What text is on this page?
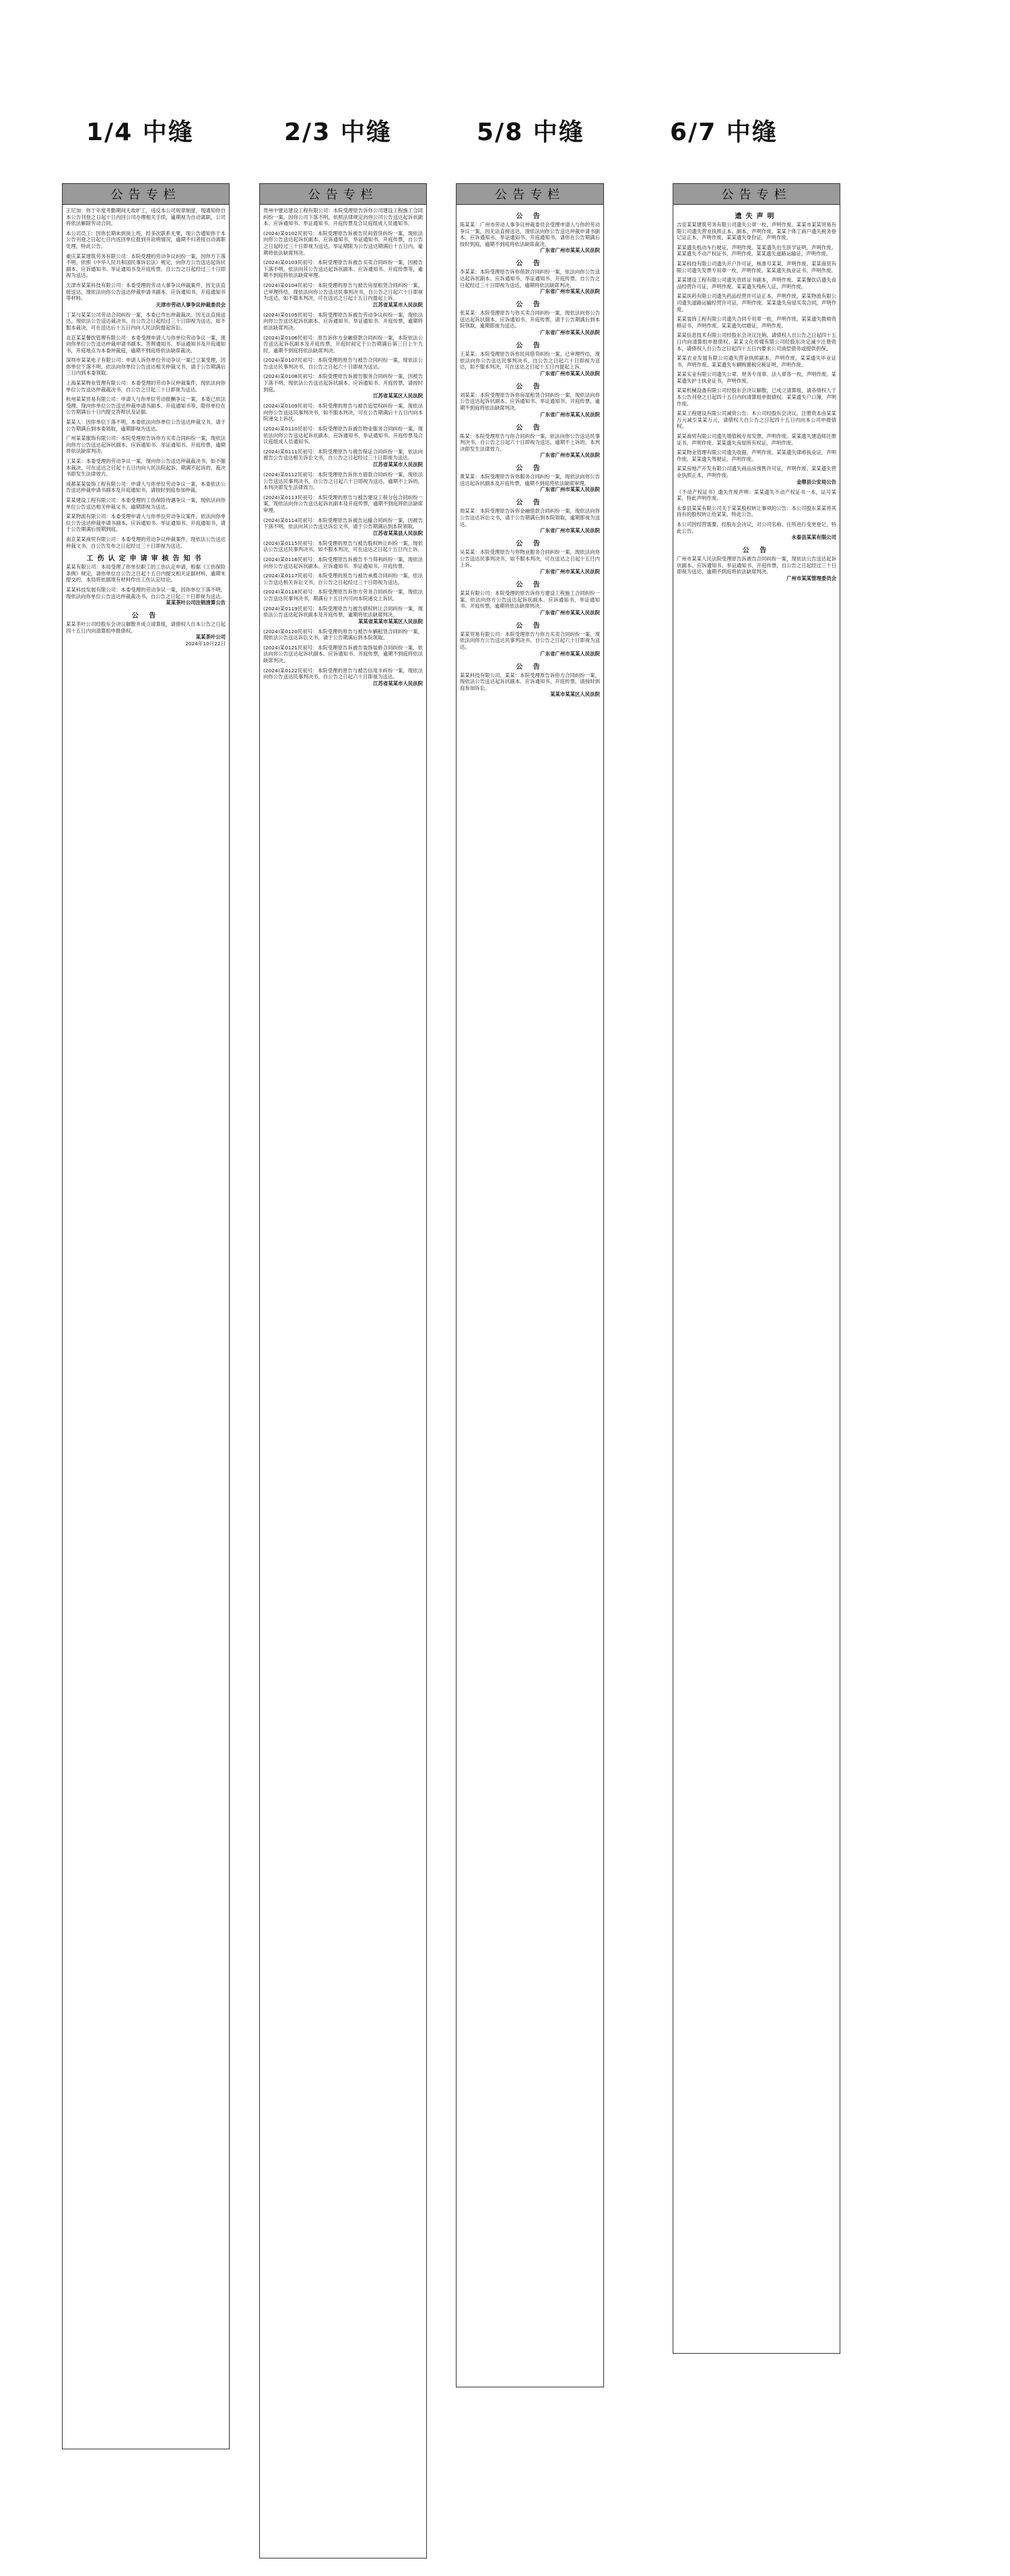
1/4 中缝	2/3 中缝	5/8 中缝	6/7 中缝
公告专栏

王尼加：你于年度考勤期间无故旷工，违反本公司规章制度，现通知你自本公告刊登之日起十日内回公司办理相关手续，逾期视为自动离职，公司将依法解除劳动合同。

本公司员工：因你长期未到岗上班，经多次联系无果，现公告通知你于本公告刊登之日起七日内返回单位报到并说明情况，逾期不归者按自动离职处理，特此公告。

重庆某某建筑劳务有限公司：本院受理的劳动争议纠纷一案，因你方下落不明，依照《中华人民共和国民事诉讼法》规定，向你方公告送达起诉状副本、应诉通知书、举证通知书及开庭传票。自公告之日起经过三十日即视为送达。

天津市某某科技有限公司：本委受理的劳动人事争议仲裁案件，因无法直接送达，现依法向你公告送达仲裁申请书副本、应诉通知书、开庭通知书等材料。

天津市劳动人事争议仲裁委员会

丁某与某某公司劳动合同纠纷一案，本委已作出仲裁裁决。因无法直接送达，现依法公告送达裁决书。自公告之日起经过三十日即视为送达，如不服本裁决，可在送达后十五日内向人民法院提起诉讼。

北京某某餐饮管理有限公司：本委受理申请人与你单位劳动争议一案，现向你单位公告送达仲裁申请书副本、答辩通知书、举证通知书及开庭通知书，开庭地点为本委仲裁庭，逾期不到庭将依法缺席裁决。

深圳市某某电子有限公司：申请人诉你单位劳动争议一案已立案受理，因你单位下落不明，依法向你单位公告送达相关仲裁文书，请于公告期满后三日内到本委领取。

上海某某物业管理有限公司：本委受理的劳动争议仲裁案件，现依法向你单位公告送达仲裁裁决书，自公告之日起三十日即视为送达。

杭州某某贸易有限公司：申请人与你单位劳动报酬争议一案，本委已依法受理。现向你单位公告送达仲裁申请书副本、开庭通知书等，限你单位在公告期满后十日内提交答辩状及证据。

某某人：因你单位下落不明，本委依法向你单位公告送达仲裁文书，请于公告期满后到本委领取，逾期即视为送达。

广州某某服饰有限公司：本院受理原告诉你方买卖合同纠纷一案，现依法向你方公告送达起诉状副本、应诉通知书、举证通知书、开庭传票，逾期将依法缺席判决。

王某某：本委受理的劳动争议一案，现向你公告送达仲裁裁决书，如不服本裁决，可在送达之日起十五日内向人民法院起诉，期满不起诉的，裁决书即发生法律效力。

成都某某装饰工程有限公司：申请人与你单位劳动争议一案，本委依法公告送达仲裁申请书副本及开庭通知书，请按时到庭参加仲裁。

某某建设工程有限公司：本委受理的工伤保险待遇争议一案，现依法向你单位公告送达相关仲裁文书，逾期即视为送达。

某某物流有限公司：本委受理申请人与你单位劳动争议案件，依法向你单位公告送达仲裁申请书副本、应诉通知书、举证通知书、开庭通知书，请于公告期满后按期到庭。

南京某某商贸有限公司：本委受理的劳动争议仲裁案件，现依法公告送达仲裁文书，自公告发布之日起经过三十日即视为送达。

工伤认定申请审核告知书

某某有限公司：本局受理了你单位职工的工伤认定申请，根据《工伤保险条例》规定，请你单位自公告之日起十五日内提交相关证据材料，逾期未提交的，本局将依据现有材料作出工伤认定结论。

某某科技发展有限公司：本委受理的劳动争议一案，因你单位下落不明，现依法向你单位公告送达仲裁裁决书，自公告之日起三十日即视为送达。

某某茶叶公司注销清算公告
公 告

某某茶叶公司经股东会决议解散并成立清算组，请债权人自本公告之日起四十五日内向清算组申报债权。

某某茶叶公司
2024年10月22日
公告专栏

贵州中建达建设工程有限公司：本院受理原告诉你公司建设工程施工合同纠纷一案，因你公司下落不明，依照法律规定向你公司公告送达起诉状副本、应诉通知书、举证通知书、开庭传票及合议庭组成人员通知书。

(2024)某0102民初号：本院受理原告诉被告民间借贷纠纷一案，现依法向你公告送达起诉状副本、应诉通知书、举证通知书、开庭传票，自公告之日起经过三十日即视为送达，举证期限为公告送达期满后十五日内，逾期将依法缺席判决。

(2024)某0103民初号：本院受理原告诉被告买卖合同纠纷一案，因被告下落不明，依法向其公告送达起诉状副本、应诉通知书、开庭传票等，逾期不到庭将依法缺席审理。

(2024)某0104民初号：本院受理的原告与被告房屋租赁合同纠纷一案，已审理终结，现依法向你公告送达民事判决书，自公告之日起六十日即视为送达，如不服本判决，可在送达之日起十五日内提起上诉。

江苏省某某市人民法院

(2024)某0105民初号：本院受理原告诉被告劳动争议纠纷一案，现依法向你公告送达起诉状副本、应诉通知书、举证通知书、开庭传票，逾期将依法缺席判决。

(2024)某0106民初号：原告诉你方金融借款合同纠纷一案，本院依法公告送达起诉状副本及开庭传票，开庭时间定于公告期满后第三日上午九时，逾期不到庭将依法缺席判决。

(2024)某0107民初号：本院受理的原告与被告合同纠纷一案，现依法公告送达民事判决书，自公告之日起六十日即视为送达。

(2024)某0108民初号：本院受理原告诉被告服务合同纠纷一案，因被告下落不明，现依法公告送达起诉状副本、应诉通知书、开庭传票，请按时到庭。

江苏省某某区人民法院

(2024)某0109民初号：本院受理的原告与被告追偿权纠纷一案，现依法向你公告送达民事判决书，如不服本判决，可在公告期满后十五日内向本院递交上诉状。

(2024)某0110民初号：本院受理原告诉被告物业服务合同纠纷一案，现依法向你公告送达起诉状副本、应诉通知书、举证通知书、开庭传票及合议庭组成人员通知书。

(2024)某0111民初号：本院受理原告与被告保证合同纠纷一案，依法向被告公告送达相关诉讼文书，自公告之日起经过三十日即视为送达。

江苏省某某市人民法院

(2024)某0112民初号：本院受理原告诉你方借款合同纠纷一案，现依法公告送达民事判决书，自公告之日起六十日即视为送达，逾期不上诉的，本判决即发生法律效力。

(2024)某0113民初号：本院受理的原告与被告建设工程分包合同纠纷一案，现依法向你公告送达起诉状副本及开庭传票，逾期不到庭将依法缺席审理。

(2024)某0114民初号：本院受理原告诉被告运输合同纠纷一案，因被告下落不明，依法向其公告送达诉讼文书，请于公告期满后到本院领取。

江苏省某某县人民法院

(2024)某0115民初号：本院受理的原告与被告股权转让纠纷一案，现依法公告送达民事判决书，如不服本判决，可在送达之日起十五日内上诉。

(2024)某0116民初号：本院受理原告诉被告不当得利纠纷一案，现依法向你公告送达起诉状副本、应诉通知书、举证通知书、开庭传票。

(2024)某0117民初号：本院受理的原告与被告承揽合同纠纷一案，依法公告送达相关诉讼文书，自公告之日起经过三十日即视为送达。

(2024)某0118民初号：本院受理原告诉你方劳务合同纠纷一案，现依法公告送达民事判决书，期满后十五日内可向本院递交上诉状。

(2024)某0119民初号：本院受理原告与被告债权转让合同纠纷一案，现依法公告送达起诉状副本及开庭传票，逾期将依法缺席判决。

某某省某某市某某区人民法院

(2024)某0120民初号：本院受理的原告与被告车辆租赁合同纠纷一案，现依法公告送达诉讼文书，请于公告期满后到本院领取。

(2024)某0121民初号：本院受理原告诉被告装饰装修合同纠纷一案，依法向你公告送达起诉状副本、应诉通知书、开庭传票，逾期不到庭将依法缺席判决。

(2024)某0122民初号：本院受理的原告与被告信用卡纠纷一案，现依法向你公告送达民事判决书，自公告之日起六十日即视为送达。

江苏省某某市人民法院
公告专栏
公 告

陈某某：广州市劳动人事争议仲裁委员会受理申请人与你的劳动争议一案，因无法直接送达，现依法向你公告送达仲裁申请书副本、应诉通知书、举证通知书、开庭通知书，请你在公告期满后按时到庭，逾期不到庭将依法缺席裁决。

广东省广州市某某人民法院
公 告

李某某：本院受理原告诉你借款合同纠纷一案，依法向你公告送达起诉状副本、应诉通知书、举证通知书、开庭传票，自公告之日起经过三十日即视为送达，逾期将依法缺席判决。

广东省广州市某某人民法院
公 告

张某某：本院受理原告与你买卖合同纠纷一案，现依法向你公告送达起诉状副本、应诉通知书、开庭传票，请于公告期满后到本院领取，逾期即视为送达。

广东省广州市某某人民法院
公 告

王某某：本院受理原告诉你民间借贷纠纷一案，已审理终结，现依法向你公告送达民事判决书，自公告之日起六十日即视为送达，如不服本判决，可在送达之日起十五日内提起上诉。

广东省广州市某某人民法院
公 告

刘某某：本院受理原告诉你房屋租赁合同纠纷一案，现依法向你公告送达起诉状副本、应诉通知书、举证通知书、开庭传票，逾期不到庭将依法缺席判决。

广东省广州市某某人民法院
公 告

陈某：本院受理原告与你合同纠纷一案，依法向你公告送达民事判决书，自公告之日起六十日即视为送达，逾期不上诉的，本判决即发生法律效力。

广东省广州市某某人民法院
公 告

黄某某：本院受理原告诉你服务合同纠纷一案，现依法向你公告送达起诉状副本及开庭传票，逾期不到庭将依法缺席审理。

广东省广州市某某人民法院
公 告

周某某：本院受理原告诉你金融借款合同纠纷一案，现依法向你公告送达诉讼文书，请于公告期满后到本院领取，逾期即视为送达。

广东省广州市某某人民法院
公 告

吴某某：本院受理原告与你物业服务合同纠纷一案，现依法向你公告送达民事判决书，如不服本判决，可在送达之日起十五日内上诉。

广东省广州市某某人民法院
公 告

某某有限公司：本院受理的原告诉你方建设工程施工合同纠纷一案，依法向你方公告送达起诉状副本、应诉通知书、举证通知书、开庭传票，逾期将依法缺席判决。

广东省广州市某某人民法院
公 告

某某贸易有限公司：本院受理原告与你方买卖合同纠纷一案，现依法向你方公告送达民事判决书，自公告之日起六十日即视为送达。

广东省广州市某某人民法院
公 告

某某科技有限公司、某某：本院受理原告诉你方合同纠纷一案，现依法公告送达起诉状副本、应诉通知书、开庭传票，请按时到庭参加诉讼。

某某市某某区人民法院
公告专栏
遗失声明

吉安某某建筑劳务有限公司遗失公章一枚，声明作废。某某市某某贸易有限公司遗失营业执照正本、副本，声明作废。某某个体工商户遗失税务登记证正本，声明作废。某某遗失身份证，声明作废。

某某遗失机动车行驶证，声明作废。某某遗失出生医学证明，声明作废。某某遗失不动产权证书，声明作废。某某遗失道路运输证，声明作废。

某某科技有限公司遗失开户许可证，核准号某某，声明作废。某某商贸有限公司遗失发票专用章一枚，声明作废。某某遗失执业证书，声明作废。

某某建设工程有限公司遗失资质证书副本，声明作废。某某餐饮店遗失食品经营许可证，声明作废。某某遗失残疾人证，声明作废。

某某医药有限公司遗失药品经营许可证正本，声明作废。某某物流有限公司遗失道路运输经营许可证，声明作废。某某遗失房屋买卖合同，声明作废。

某某装饰工程有限公司遗失合同专用章一枚，声明作废。某某遗失教师资格证书，声明作废。某某遗失结婚证，声明作废。

某某信息技术有限公司经股东会决议注销，请债权人自公告之日起四十五日内向清算组申报债权。某某文化传媒有限公司经股东决定减少注册资本，请债权人自公告之日起四十五日内要求公司清偿债务或提供担保。

某某农业发展有限公司遗失营业执照副本，声明作废。某某遗失毕业证书，声明作废。某某遗失车辆购置税完税证明，声明作废。

某某实业有限公司遗失公章、财务专用章、法人章各一枚，声明作废。某某遗失护士执业证书，声明作废。

某某机械设备有限公司经股东会决议解散，已成立清算组，请各债权人于本公告刊登之日起四十五日内向清算组申报债权。某某遗失户口簿，声明作废。

某某工程建设有限公司减资公告：本公司经股东会决议，注册资本由某某万元减至某某万元，请债权人自公告之日起四十五日内向本公司申报债权。

某某商贸有限公司遗失增值税专用发票，声明作废。某某遗失建造师注册证书，声明作废。某某遗失房屋所有权证，声明作废。

某某物业管理有限公司遗失收据，声明作废。某某遗失律师执业证，声明作废。某某遗失驾驶证，声明作废。

某某房地产开发有限公司遗失商品房预售许可证，声明作废。某某遗失营业执照正本，声明作废。

金鼎县公安局公告

《不动产权证书》遗失作废声明：某某遗失不动产权证书一本，证号某某，特此声明作废。

永泰县某某有限公司关于某某股权转让事项的公告：本公司股东某某将其持有的股权转让给某某，特此公告。

本公司因经营需要，经股东会决议，对公司名称、住所进行变更登记，特此公告。

永泰县某某有限公司
公 告

广州市某某人民法院受理原告诉被告合同纠纷一案，现依法公告送达起诉状副本、应诉通知书、举证通知书、开庭传票，自公告之日起经过三十日即视为送达，逾期不到庭将依法缺席判决。

广州市某某管理委员会
